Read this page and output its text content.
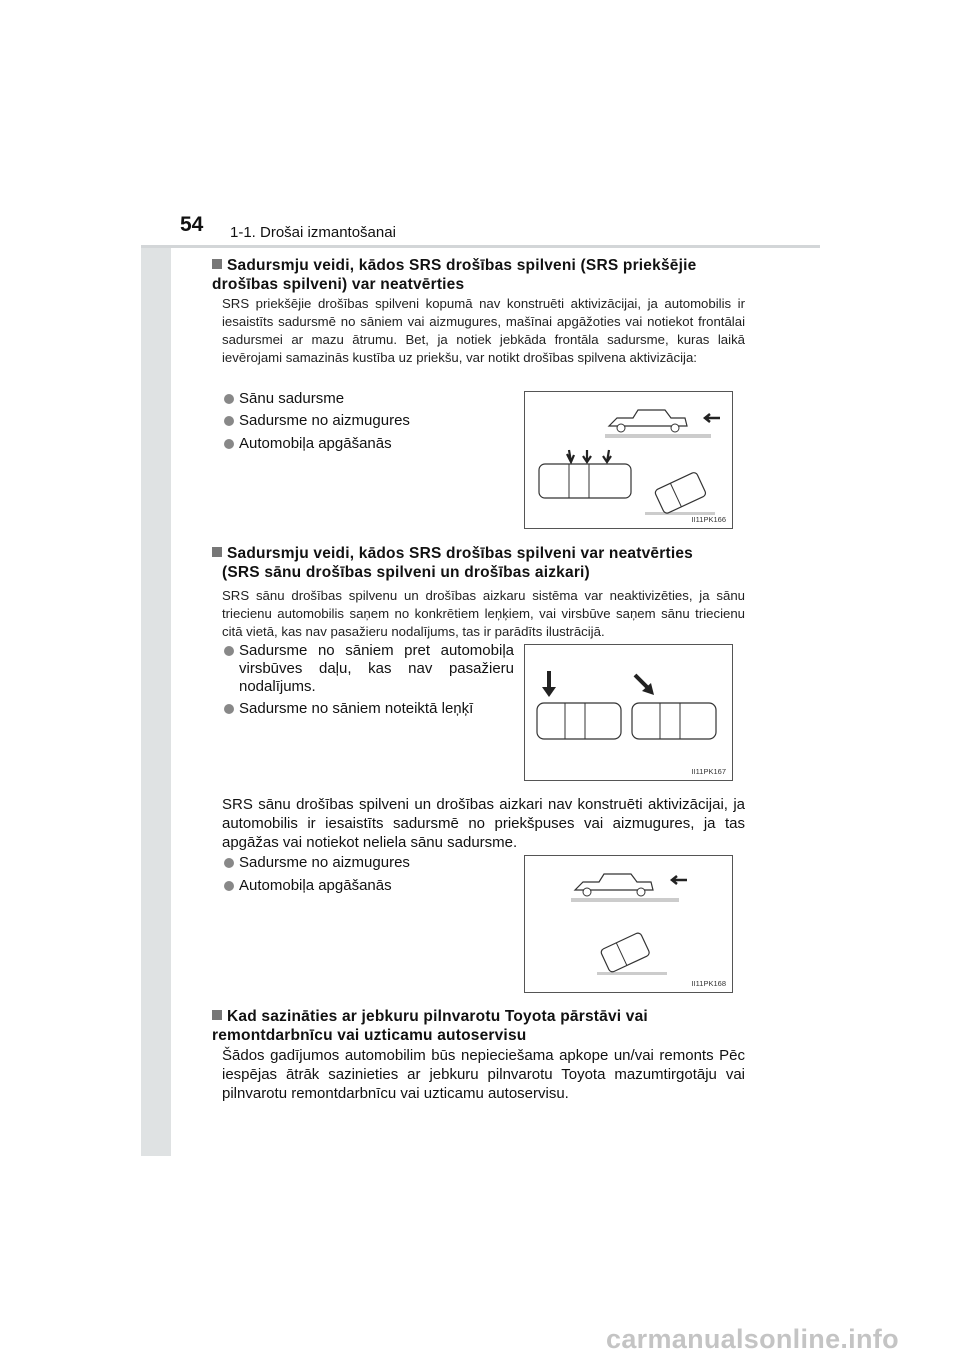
54 1-1. Drošai izmantošanai
Sadursmju veidi, kādos SRS drošības spilveni (SRS priekšējie drošības spilveni) var neatvērties
SRS priekšējie drošības spilveni kopumā nav konstruēti aktivizācijai, ja automobilis ir iesaistīts sadursmē no sāniem vai aizmugures, mašīnai apgāžoties vai notiekot frontālai sadursmei ar mazu ātrumu. Bet, ja notiek jebkāda frontāla sadursme, kuras laikā ievērojami samazinās kustība uz priekšu, var notikt drošības spilvena aktivizācija:
Sānu sadursme
Sadursme no aizmugures
Automobiļa apgāšanās
II11PK166
Sadursmju veidi, kādos SRS drošības spilveni var neatvērties
(SRS sānu drošības spilveni un drošības aizkari)
SRS sānu drošības spilvenu un drošības aizkaru sistēma var neaktivizēties, ja sānu triecienu automobilis saņem no konkrētiem leņķiem, vai virsbūve saņem sānu triecienu citā vietā, kas nav pasažieru nodalījums, tas ir parādīts ilustrācijā.
Sadursme no sāniem pret automobiļa virsbūves daļu, kas nav pasažieru nodalījums.
Sadursme no sāniem noteiktā leņķī
II11PK167
SRS sānu drošības spilveni un drošības aizkari nav konstruēti aktivizācijai, ja automobilis ir iesaistīts sadursmē no priekšpuses vai aizmugures, ja tas apgāžas vai notiekot neliela sānu sadursme.
Sadursme no aizmugures
Automobiļa apgāšanās
II11PK168
Kad sazināties ar jebkuru pilnvarotu Toyota pārstāvi vai remontdarbnīcu vai uzticamu autoservisu
Šādos gadījumos automobilim būs nepieciešama apkope un/vai remonts Pēc iespējas ātrāk sazinieties ar jebkuru pilnvarotu Toyota mazumtirgotāju vai pilnvarotu remontdarbnīcu vai uzticamu autoservisu.
carmanualsonline.info
